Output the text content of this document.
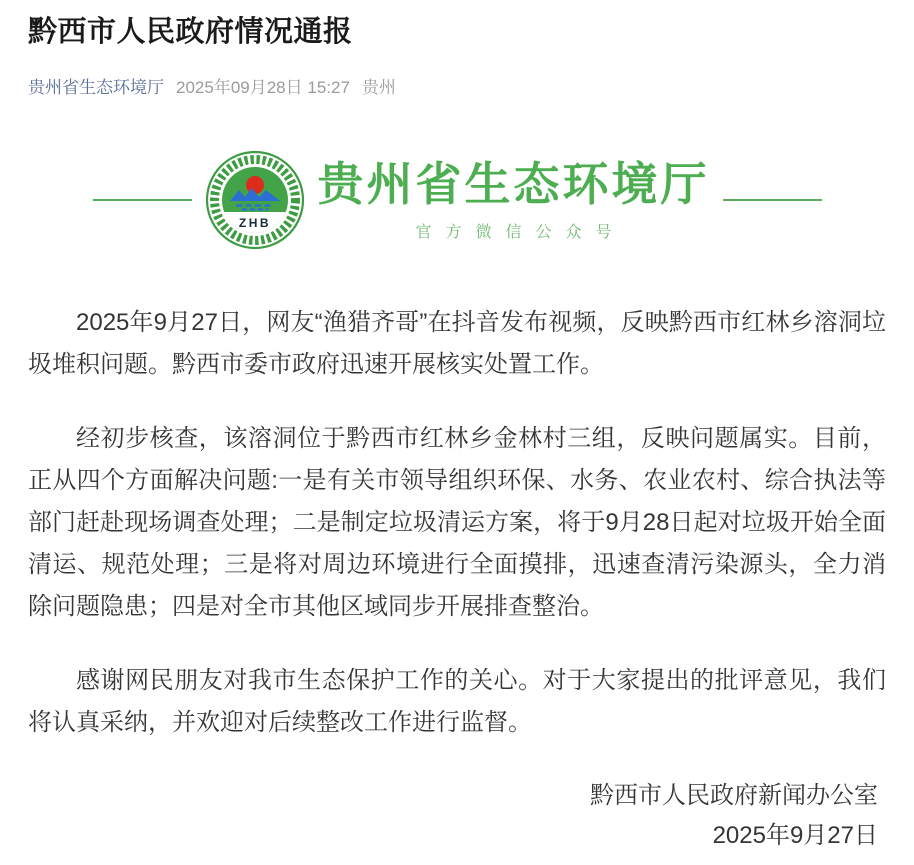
黔西市人民政府情况通报
贵州省生态环境厅 2025年09月28日 15:27 贵州
ZHB
贵州省生态环境厅
官方微信公众号

2025年9月27日，网友“渔猎齐哥”在抖音发布视频，反映黔西市红林乡溶洞垃圾堆积问题。黔西市委市政府迅速开展核实处置工作。

经初步核查，该溶洞位于黔西市红林乡金林村三组，反映问题属实。目前，正从四个方面解决问题:一是有关市领导组织环保、水务、农业农村、综合执法等部门赶赴现场调查处理；二是制定垃圾清运方案，将于9月28日起对垃圾开始全面清运、规范处理；三是将对周边环境进行全面摸排，迅速查清污染源头，全力消除问题隐患；四是对全市其他区域同步开展排查整治。

感谢网民朋友对我市生态保护工作的关心。对于大家提出的批评意见，我们将认真采纳，并欢迎对后续整改工作进行监督。

黔西市人民政府新闻办公室
2025年9月27日
